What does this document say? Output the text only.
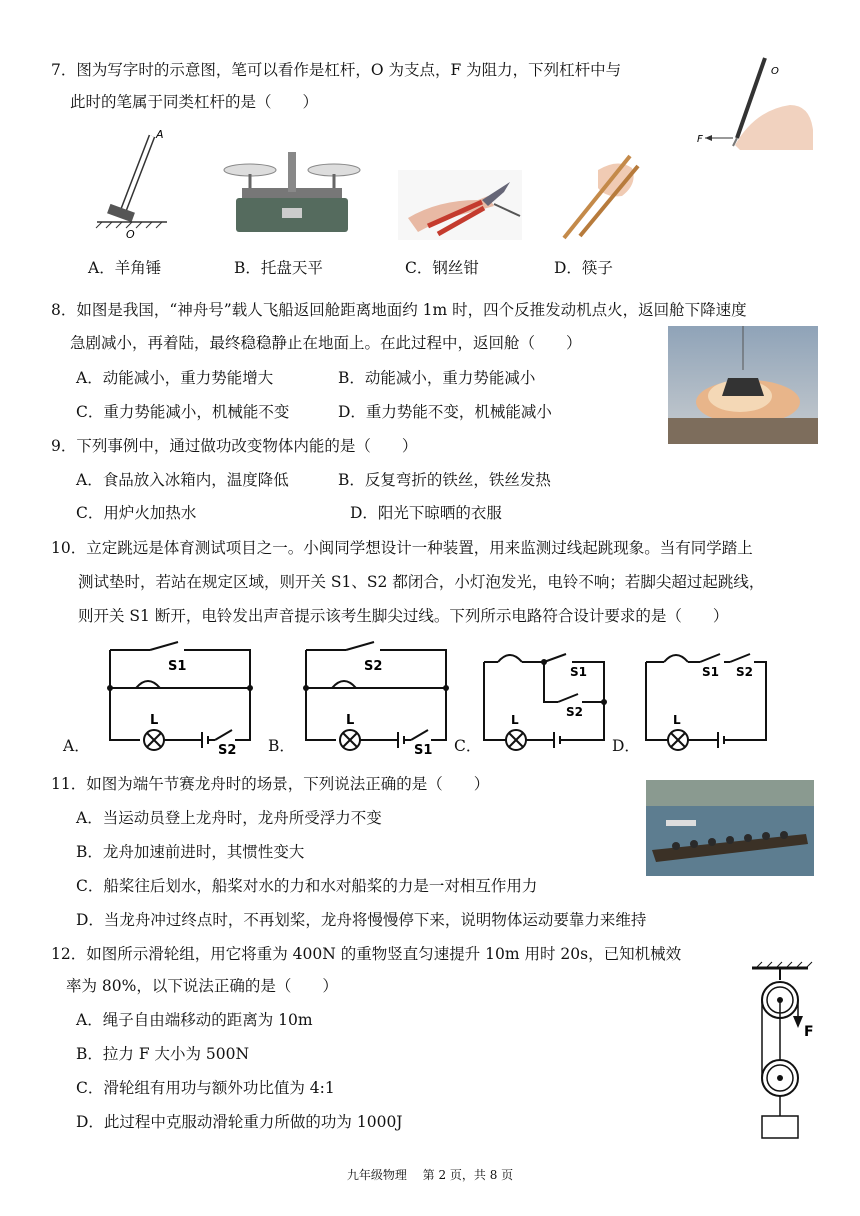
7．图为写字时的示意图，笔可以看作是杠杆，O 为支点，F 为阻力，下列杠杆中与
此时的笔属于同类杠杆的是（　　）
O
F
A
O
A．羊角锤	B．托盘天平	C．钢丝钳	D．筷子
8．如图是我国，“神舟号”载人飞船返回舱距离地面约 1m 时，四个反推发动机点火，返回舱下降速度
急剧减小，再着陆，最终稳稳静止在地面上。在此过程中，返回舱（　　）
A．动能减小，重力势能增大	B．动能减小，重力势能减小
C．重力势能减小，机械能不变	D．重力势能不变，机械能减小
9．下列事例中，通过做功改变物体内能的是（　　）
A．食品放入冰箱内，温度降低	B．反复弯折的铁丝，铁丝发热
C．用炉火加热水	D．阳光下晾晒的衣服
10．立定跳远是体育测试项目之一。小闽同学想设计一种装置，用来监测过线起跳现象。当有同学踏上
测试垫时，若站在规定区域，则开关 S1、S2 都闭合，小灯泡发光，电铃不响；若脚尖超过起跳线，
则开关 S1 断开，电铃发出声音提示该考生脚尖过线。下列所示电路符合设计要求的是（　　）
S1
L
S2
A．
S2
L
S1
B．
S1
S2
L
C．
S1 S2
L
D．
11．如图为端午节赛龙舟时的场景，下列说法正确的是（　　）
A．当运动员登上龙舟时，龙舟所受浮力不变
B．龙舟加速前进时，其惯性变大
C．船桨往后划水，船桨对水的力和水对船桨的力是一对相互作用力
D．当龙舟冲过终点时，不再划桨，龙舟将慢慢停下来，说明物体运动要靠力来维持
12．如图所示滑轮组，用它将重为 400N 的重物竖直匀速提升 10m 用时 20s，已知机械效
率为 80%，以下说法正确的是（　　）
A．绳子自由端移动的距离为 10m
B．拉力 F 大小为 500N
C．滑轮组有用功与额外功比值为 4:1
D．此过程中克服动滑轮重力所做的功为 1000J
F
九年级物理　 第 2 页，共 8 页
